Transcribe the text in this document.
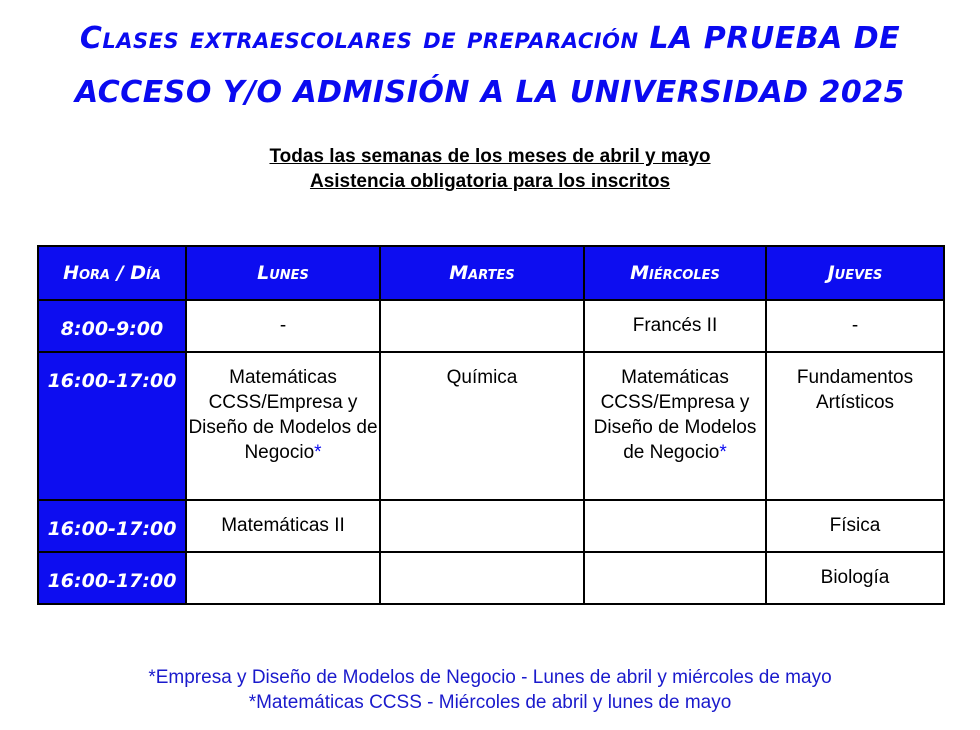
Clases extraescolares de preparación LA PRUEBA DE
ACCESO Y/O ADMISIÓN A LA UNIVERSIDAD 2025
Todas las semanas de los meses de abril y mayo
Asistencia obligatoria para los inscritos
Hora / Día	Lunes	Martes	Miércoles	Jueves
8:00-9:00	-		Francés II	-
16:00-17:00	Matemáticas CCSS/Empresa y Diseño de Modelos de Negocio*	Química	Matemáticas CCSS/Empresa y Diseño de Modelos de Negocio*	Fundamentos Artísticos
16:00-17:00	Matemáticas II			Física
16:00-17:00				Biología
*Empresa y Diseño de Modelos de Negocio - Lunes de abril y miércoles de mayo
*Matemáticas CCSS - Miércoles de abril y lunes de mayo
